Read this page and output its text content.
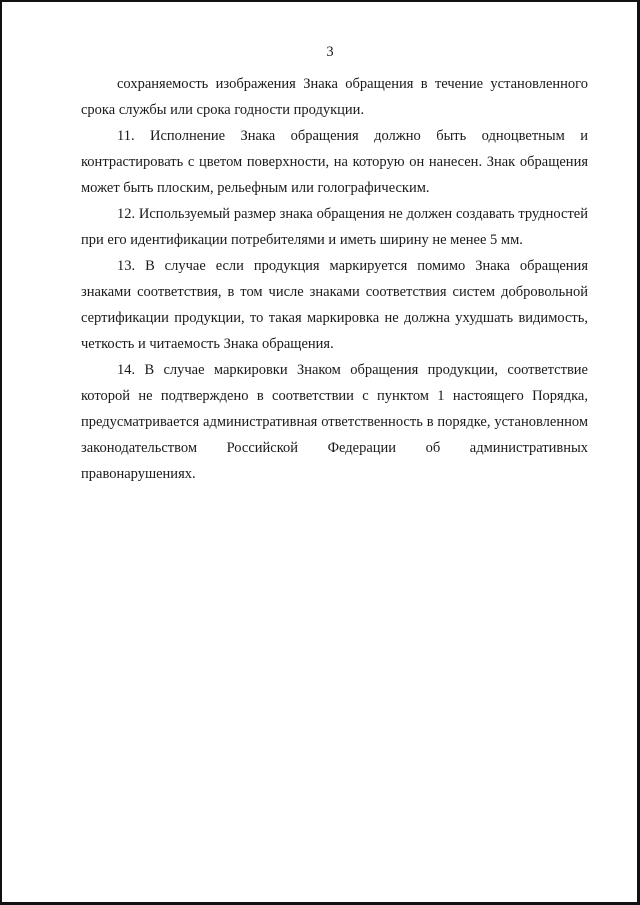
3

сохраняемость изображения Знака обращения в течение установленного срока службы или срока годности продукции.

11. Исполнение Знака обращения должно быть одноцветным и контрастировать с цветом поверхности, на которую он нанесен. Знак обращения может быть плоским, рельефным или голографическим.

12. Используемый размер знака обращения не должен создавать трудностей при его идентификации потребителями и иметь ширину не менее 5 мм.

13. В случае если продукция маркируется помимо Знака обращения знаками соответствия, в том числе знаками соответствия систем добровольной сертификации продукции, то такая маркировка не должна ухудшать видимость, четкость и читаемость Знака обращения.

14. В случае маркировки Знаком обращения продукции, соответствие которой не подтверждено в соответствии с пунктом 1 настоящего Порядка, предусматривается административная ответственность в порядке, установленном законодательством Российской Федерации об административных правонарушениях.
